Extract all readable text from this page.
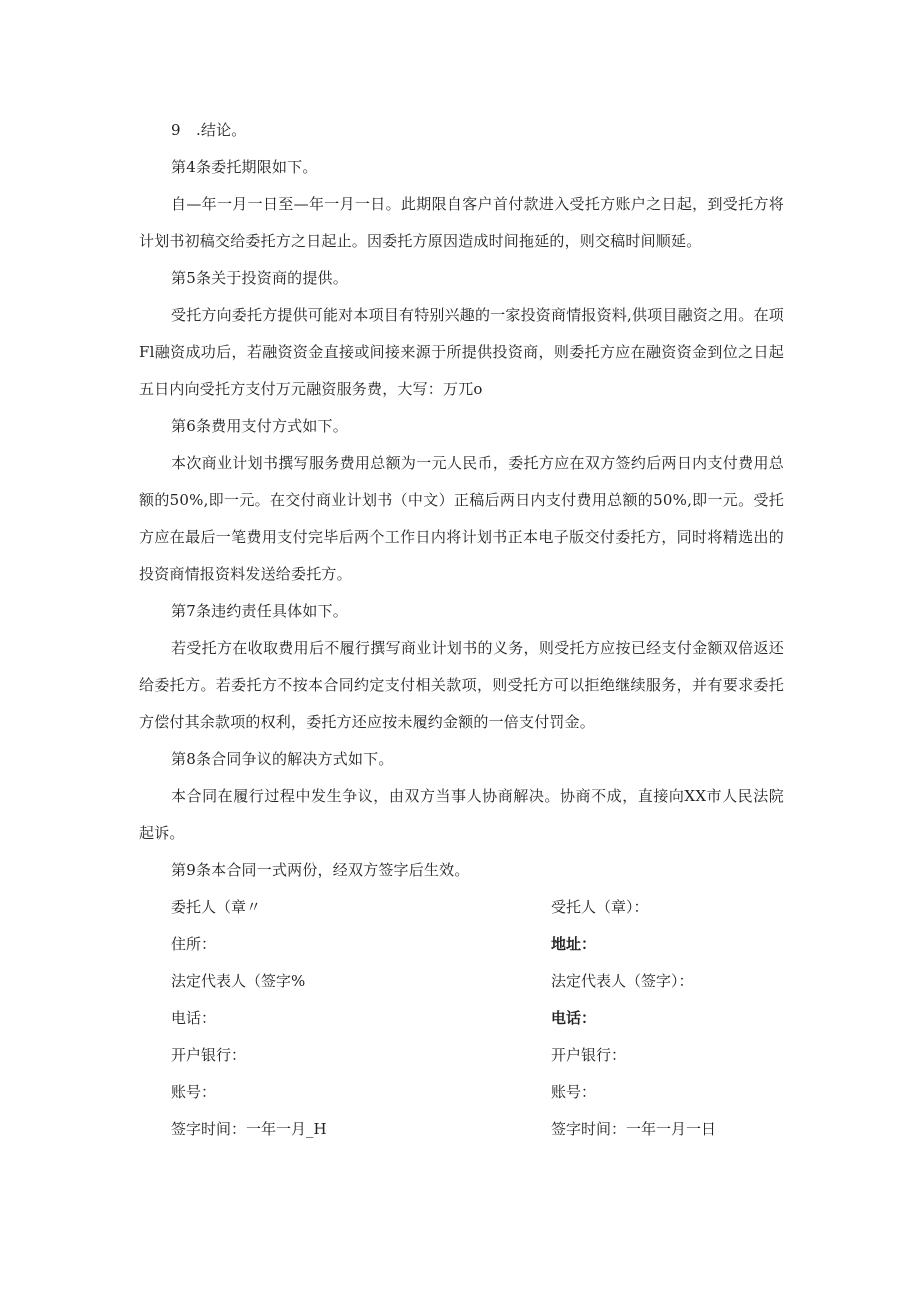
9　.结论。

第4条委托期限如下。

自—年一月一日至—年一月一日。此期限自客户首付款进入受托方账户之日起，到受托方将计划书初稿交给委托方之日起止。因委托方原因造成时间拖延的，则交稿时间顺延。

第5条关于投资商的提供。

受托方向委托方提供可能对本项目有特别兴趣的一家投资商情报资料,供项目融资之用。在项Fl融资成功后，若融资资金直接或间接来源于所提供投资商，则委托方应在融资资金到位之日起五日内向受托方支付万元融资服务费，大写：万兀o

第6条费用支付方式如下。

本次商业计划书撰写服务费用总额为一元人民币，委托方应在双方签约后两日内支付费用总额的50%,即一元。在交付商业计划书（中文）正稿后两日内支付费用总额的50%,即一元。受托方应在最后一笔费用支付完毕后两个工作日内将计划书正本电子版交付委托方，同时将精选出的投资商情报资料发送给委托方。

第7条违约责任具体如下。

若受托方在收取费用后不履行撰写商业计划书的义务，则受托方应按已经支付金额双倍返还给委托方。若委托方不按本合同约定支付相关款项，则受托方可以拒绝继续服务，并有要求委托方偿付其余款项的权利，委托方还应按未履约金额的一倍支付罚金。

第8条合同争议的解决方式如下。

本合同在履行过程中发生争议，由双方当事人协商解决。协商不成，直接向XX市人民法院起诉。

第9条本合同一式两份，经双方签字后生效。

委托人（章〃	受托人（章）：
住所：	地址：
法定代表人（签字%	法定代表人（签字）：
电话：	电话：
开户银行：	开户银行：
账号：	账号：
签字时间：一年一月_H	签字时间：一年一月一日
